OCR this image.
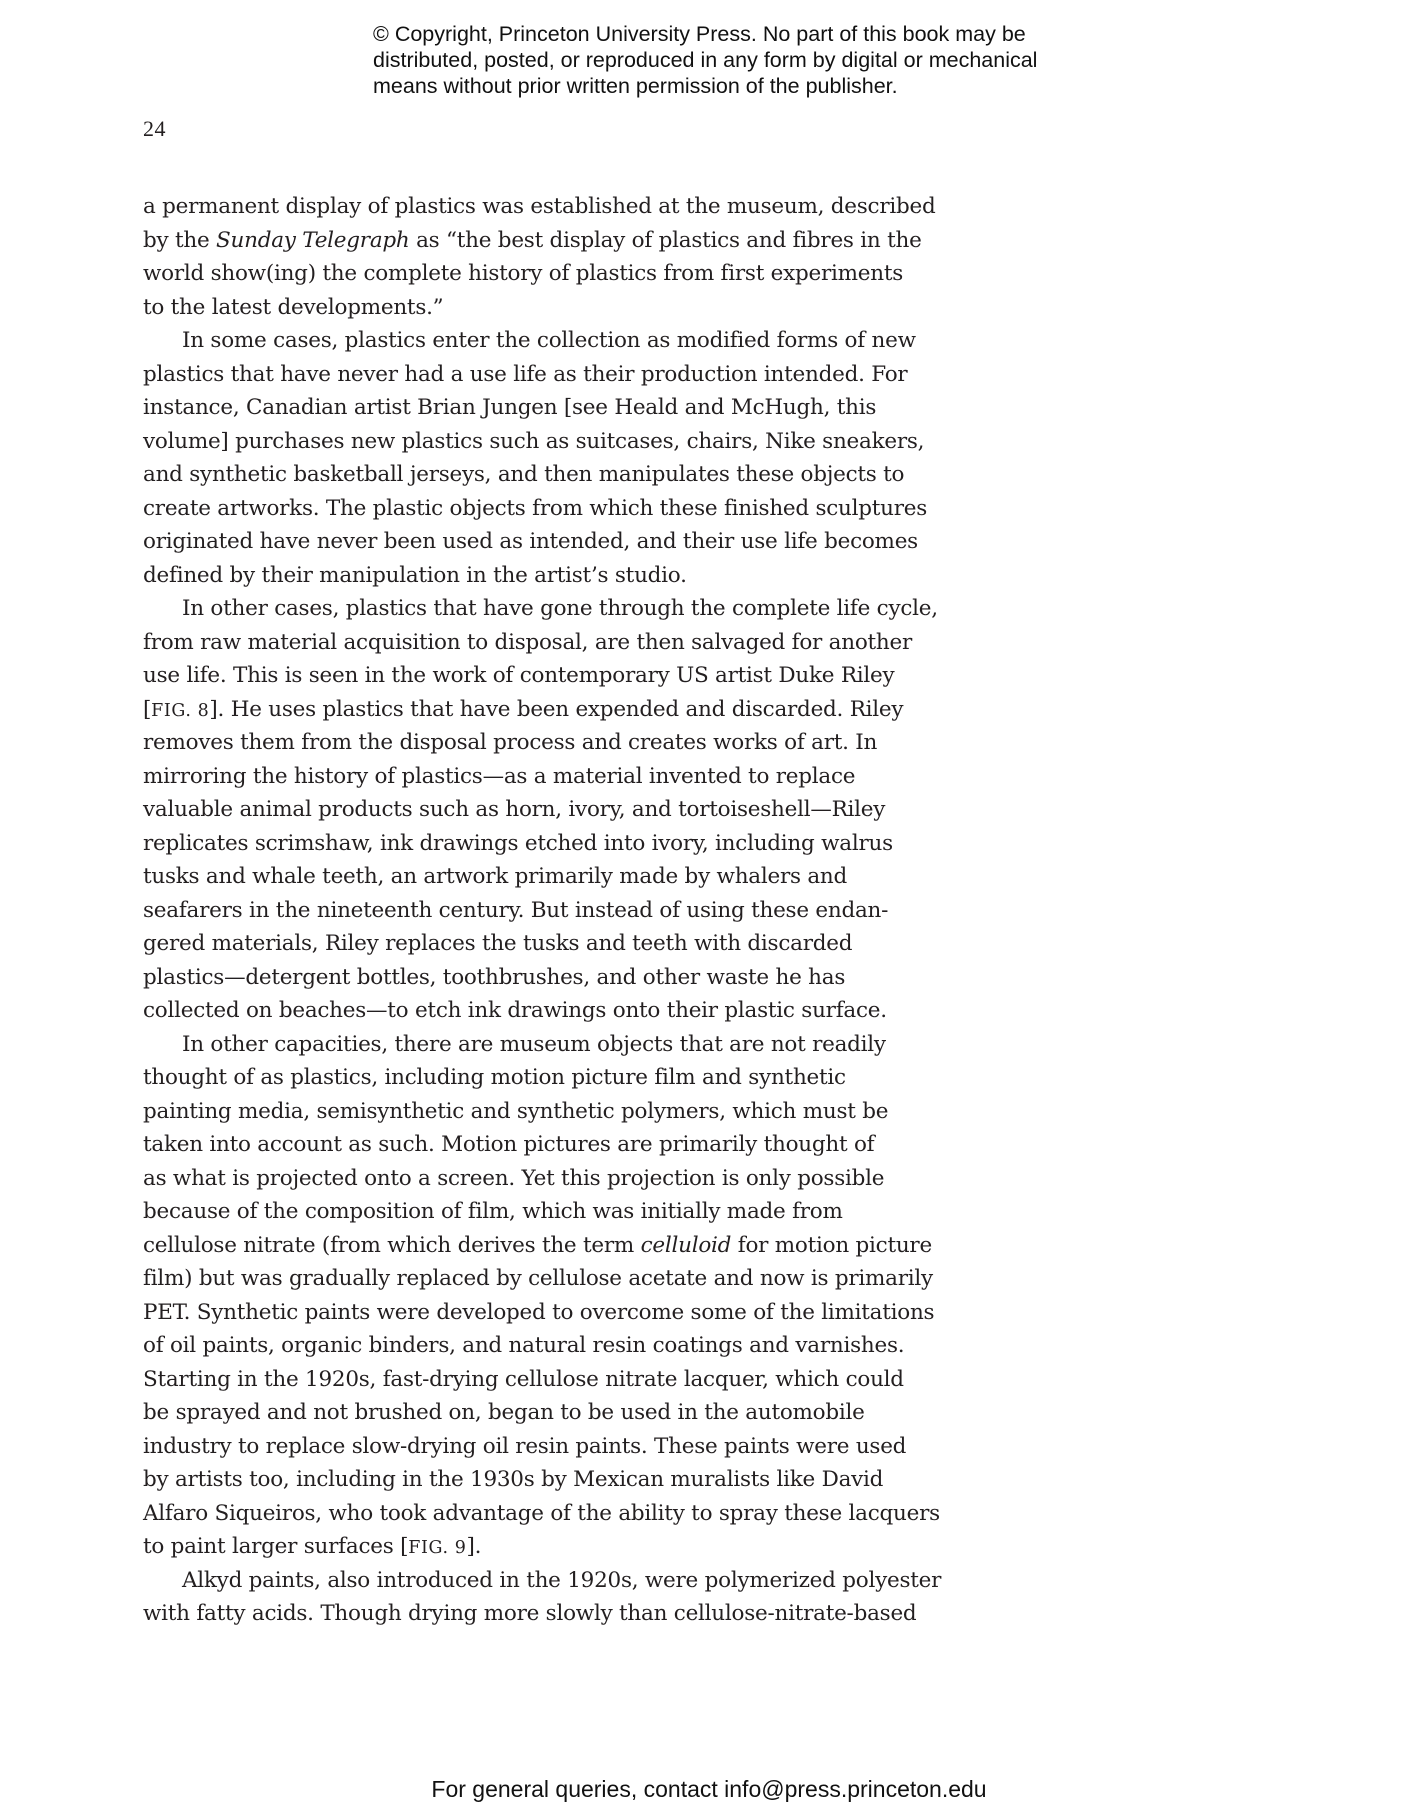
© Copyright, Princeton University Press. No part of this book may be
distributed, posted, or reproduced in any form by digital or mechanical
means without prior written permission of the publisher.
24
a permanent display of plastics was established at the museum, described
by the Sunday Telegraph as “the best display of plastics and fibres in the
world show(ing) the complete history of plastics from first experiments
to the latest developments.”
In some cases, plastics enter the collection as modified forms of new
plastics that have never had a use life as their production intended. For
instance, Canadian artist Brian Jungen [see Heald and McHugh, this
volume] purchases new plastics such as suitcases, chairs, Nike sneakers,
and synthetic basketball jerseys, and then manipulates these objects to
create artworks. The plastic objects from which these finished sculptures
originated have never been used as intended, and their use life becomes
defined by their manipulation in the artist’s studio.
In other cases, plastics that have gone through the complete life cycle,
from raw material acquisition to disposal, are then salvaged for another
use life. This is seen in the work of contemporary US artist Duke Riley
[FIG. 8]. He uses plastics that have been expended and discarded. Riley
removes them from the disposal process and creates works of art. In
mirroring the history of plastics—as a material invented to replace
valuable animal products such as horn, ivory, and tortoiseshell—Riley
replicates scrimshaw, ink drawings etched into ivory, including walrus
tusks and whale teeth, an artwork primarily made by whalers and
seafarers in the nineteenth century. But instead of using these endan-
gered materials, Riley replaces the tusks and teeth with discarded
plastics—detergent bottles, toothbrushes, and other waste he has
collected on beaches—to etch ink drawings onto their plastic surface.
In other capacities, there are museum objects that are not readily
thought of as plastics, including motion picture film and synthetic
painting media, semisynthetic and synthetic polymers, which must be
taken into account as such. Motion pictures are primarily thought of
as what is projected onto a screen. Yet this projection is only possible
because of the composition of film, which was initially made from
cellulose nitrate (from which derives the term celluloid for motion picture
film) but was gradually replaced by cellulose acetate and now is primarily
PET. Synthetic paints were developed to overcome some of the limitations
of oil paints, organic binders, and natural resin coatings and varnishes.
Starting in the 1920s, fast-drying cellulose nitrate lacquer, which could
be sprayed and not brushed on, began to be used in the automobile
industry to replace slow-drying oil resin paints. These paints were used
by artists too, including in the 1930s by Mexican muralists like David
Alfaro Siqueiros, who took advantage of the ability to spray these lacquers
to paint larger surfaces [FIG. 9].
Alkyd paints, also introduced in the 1920s, were polymerized polyester
with fatty acids. Though drying more slowly than cellulose-nitrate-based
For general queries, contact info@press.princeton.edu
